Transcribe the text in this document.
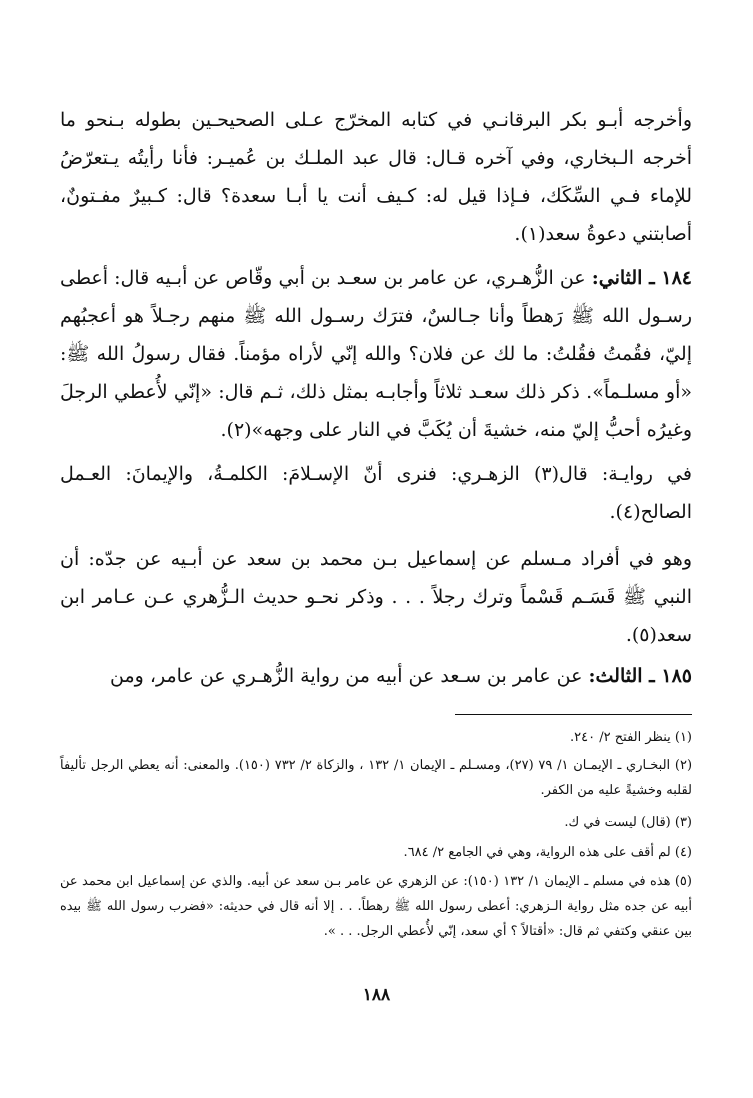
وأخرجه أبـو بكر البرقانـي في كتابه المخرّج عـلى الصحيحـين بطوله بـنحو ما أخرجه الـبخاري، وفي آخره قـال: قال عبد الملـك بن عُميـر: فأنا رأيتُه يـتعرّضُ للإماء فـي السِّكَك، فـإذا قيل له: كـيف أنت يا أبـا سعدة؟ قال: كـبيرٌ مفـتونٌ، أصابتني دعوةُ سعد(١).

١٨٤ ـ الثاني: عن الزُّهـري، عن عامر بن سعـد بن أبي وقّاص عن أبـيه قال: أعطى رسـول الله ﷺ رَهطاً وأنا جـالسٌ، فترَك رسـول الله ﷺ منهم رجـلاً هو أعجبُهم إليّ، فقُمتُ فقُلتُ: ما لك عن فلان؟ والله إنّي لأراه مؤمناً. فقال رسولُ الله ﷺ: «أو مسلـماً». ذكر ذلك سعـد ثلاثاً وأجابـه بمثل ذلك، ثـم قال: «إنّي لأُعطي الرجلَ وغيرُه أحبُّ إليّ منه، خشيةَ أن يُكَبَّ في النار على وجهه»(٢).

في روايـة: قال(٣) الزهـري: فنرى أنّ الإسـلامَ: الكلمـةُ، والإيمانَ: العـمل الصالح(٤).

وهو في أفراد مـسلم عن إسماعيل بـن محمد بن سعد عن أبـيه عن جدّه: أن النبي ﷺ قَسَـم قَسْماً وترك رجلاً . . . وذكر نحـو حديث الـزُّهري عـن عـامر ابن سعد(٥).

١٨٥ ـ الثالث: عن عامر بن سـعد عن أبيه من رواية الزُّهـري عن عامر، ومن

(١) ينظر الفتح ٢/ ٢٤٠.

(٢) البخـاري ـ الإيمـان ١/ ٧٩ (٢٧)، ومسـلم ـ الإيمان ١/ ١٣٢ ، والزكاة ٢/ ٧٣٢ (١٥٠). والمعنى: أنه يعطي الرجل تأليفاً لقلبه وخشيةً عليه من الكفر.

(٣) (قال) ليست في ك.

(٤) لم أقف على هذه الرواية، وهي في الجامع ٢/ ٦٨٤.

(٥) هذه في مسلم ـ الإيمان ١/ ١٣٢ (١٥٠): عن الزهري عن عامر بـن سعد عن أبيه. والذي عن إسماعيل ابن محمد عن أبيه عن جده مثل رواية الـزهري: أعطى رسول الله ﷺ رهطاً. . . إلا أنه قال في حديثه: «فضرب رسول الله ﷺ بيده بين عنقي وكتفي ثم قال: «أقتالاً ؟ أي سعد، إنّي لأُعطي الرجل. . . ».

١٨٨
